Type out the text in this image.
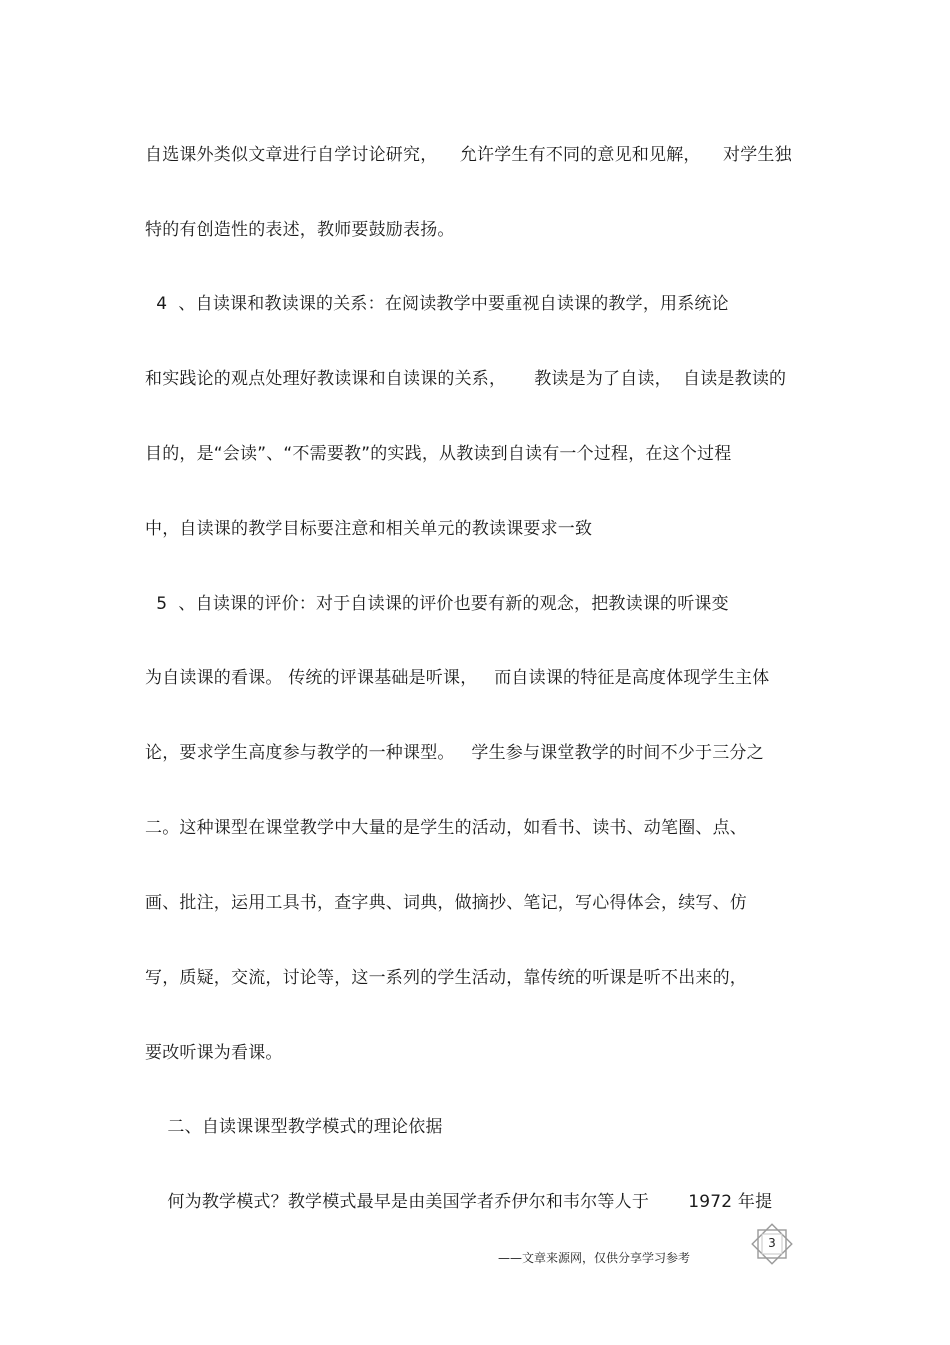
自选课外类似文章进行自学讨论研究，    允许学生有不同的意见和见解，    对学生独
特的有创造性的表述，教师要鼓励表扬。
4  、自读课和教读课的关系：在阅读教学中要重视自读课的教学，用系统论
和实践论的观点处理好教读课和自读课的关系，     教读是为了自读，  自读是教读的
目的，是“会读”、“不需要教”的实践，从教读到自读有一个过程，在这个过程
中，自读课的教学目标要注意和相关单元的教读课要求一致
5  、自读课的评价：对于自读课的评价也要有新的观念，把教读课的听课变
为自读课的看课。 传统的评课基础是听课，   而自读课的特征是高度体现学生主体
论，要求学生高度参与教学的一种课型。   学生参与课堂教学的时间不少于三分之
二。这种课型在课堂教学中大量的是学生的活动，如看书、读书、动笔圈、点、
画、批注，运用工具书，查字典、词典，做摘抄、笔记，写心得体会，续写、仿
写，质疑，交流，讨论等，这一系列的学生活动，靠传统的听课是听不出来的，
要改听课为看课。
二、自读课课型教学模式的理论依据
何为教学模式？教学模式最早是由美国学者乔伊尔和韦尔等人于       1972 年提
3
——文章来源网，仅供分享学习参考
